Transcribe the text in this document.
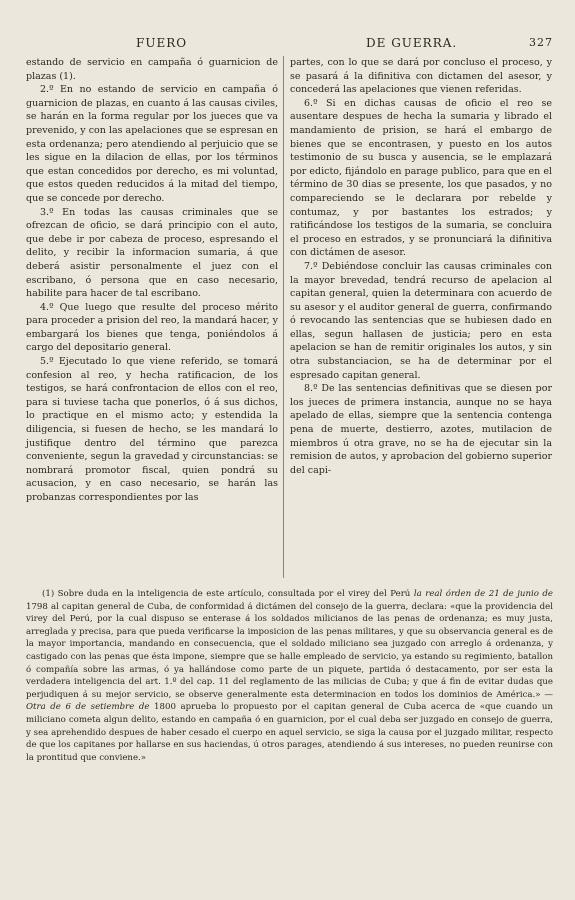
FUERO	DE GUERRA.	327

estando de servicio en campaña ó guarnicion de plazas (1).

2.º En no estando de servicio en campaña ó guarnicion de plazas, en cuanto á las causas civiles, se harán en la forma regular por los jueces que va prevenido, y con las apelaciones que se espresan en esta ordenanza; pero atendiendo al perjuicio que se les sigue en la dilacion de ellas, por los términos que estan concedidos por derecho, es mi voluntad, que estos queden reducidos á la mitad del tiempo, que se concede por derecho.

3.º En todas las causas criminales que se ofrezcan de oficio, se dará principio con el auto, que debe ir por cabeza de proceso, espresando el delito, y recibir la informacion sumaria, á que deberá asistir personalmente el juez con el escribano, ó persona que en caso necesario, habilite para hacer de tal escribano.

4.º Que luego que resulte del proceso mérito para proceder a prision del reo, la mandará hacer, y embargará los bienes que tenga, poniéndolos á cargo del depositario general.

5.º Ejecutado lo que viene referido, se tomará confesion al reo, y hecha ratificacion, de los testigos, se hará confrontacion de ellos con el reo, para si tuviese tacha que ponerlos, ó á sus dichos, lo practique en el mismo acto; y estendida la diligencia, si fuesen de hecho, se les mandará lo justifique dentro del término que parezca conveniente, segun la gravedad y circunstancias: se nombrará promotor fiscal, quien pondrá su acusacion, y en caso necesario, se harán las probanzas correspondientes por las

partes, con lo que se dará por concluso el proceso, y se pasará á la difinitiva con dictamen del asesor, y concederá las apelaciones que vienen referidas.

6.º Si en dichas causas de oficio el reo se ausentare despues de hecha la sumaria y librado el mandamiento de prision, se hará el embargo de bienes que se encontrasen, y puesto en los autos testimonio de su busca y ausencia, se le emplazará por edicto, fijándolo en parage publico, para que en el término de 30 dias se presente, los que pasados, y no compareciendo se le declarara por rebelde y contumaz, y por bastantes los estrados; y ratificándose los testigos de la sumaria, se concluira el proceso en estrados, y se pronunciará la difinitiva con dictámen de asesor.

7.º Debiéndose concluir las causas criminales con la mayor brevedad, tendrá recurso de apelacion al capitan general, quien la determinara con acuerdo de su asesor y el auditor general de guerra, confirmando ó revocando las sentencias que se hubiesen dado en ellas, segun hallasen de justicia; pero en esta apelacion se han de remitir originales los autos, y sin otra substanciacion, se ha de determinar por el espresado capitan general.

8.º De las sentencias definitivas que se diesen por los jueces de primera instancia, aunque no se haya apelado de ellas, siempre que la sentencia contenga pena de muerte, destierro, azotes, mutilacion de miembros ú otra grave, no se ha de ejecutar sin la remision de autos, y aprobacion del gobierno superior del capi-

(1) Sobre duda en la inteligencia de este artículo, consultada por el virey del Perú la real órden de 21 de junio de 1798 al capitan general de Cuba, de conformidad á dictámen del consejo de la guerra, declara: «que la providencia del virey del Perú, por la cual dispuso se enterase á los soldados milicianos de las penas de ordenanza; es muy justa, arreglada y precisa, para que pueda verificarse la imposicion de las penas militares, y que su observancia general es de la mayor importancia, mandando en consecuencia, que el soldado miliciano sea juzgado con arreglo á ordenanza, y castigado con las penas que ésta impone, siempre que se halle empleado de servicio, ya estando su regimiento, batallon ó compañía sobre las armas, ó ya hallándose como parte de un piquete, partida ó destacamento, por ser esta la verdadera inteligencia del art. 1.º del cap. 11 del reglamento de las milicias de Cuba; y que á fin de evitar dudas que perjudiquen á su mejor servicio, se observe generalmente esta determinacion en todos los dominios de América.» —Otra de 6 de setiembre de 1800 aprueba lo propuesto por el capitan general de Cuba acerca de «que cuando un miliciano cometa algun delito, estando en campaña ó en guarnicion, por el cual deba ser juzgado en consejo de guerra, y sea aprehendido despues de haber cesado el cuerpo en aquel servicio, se siga la causa por el juzgado militar, respecto de que los capitanes por hallarse en sus haciendas, ú otros parages, atendiendo á sus intereses, no pueden reunirse con la prontitud que conviene.»
